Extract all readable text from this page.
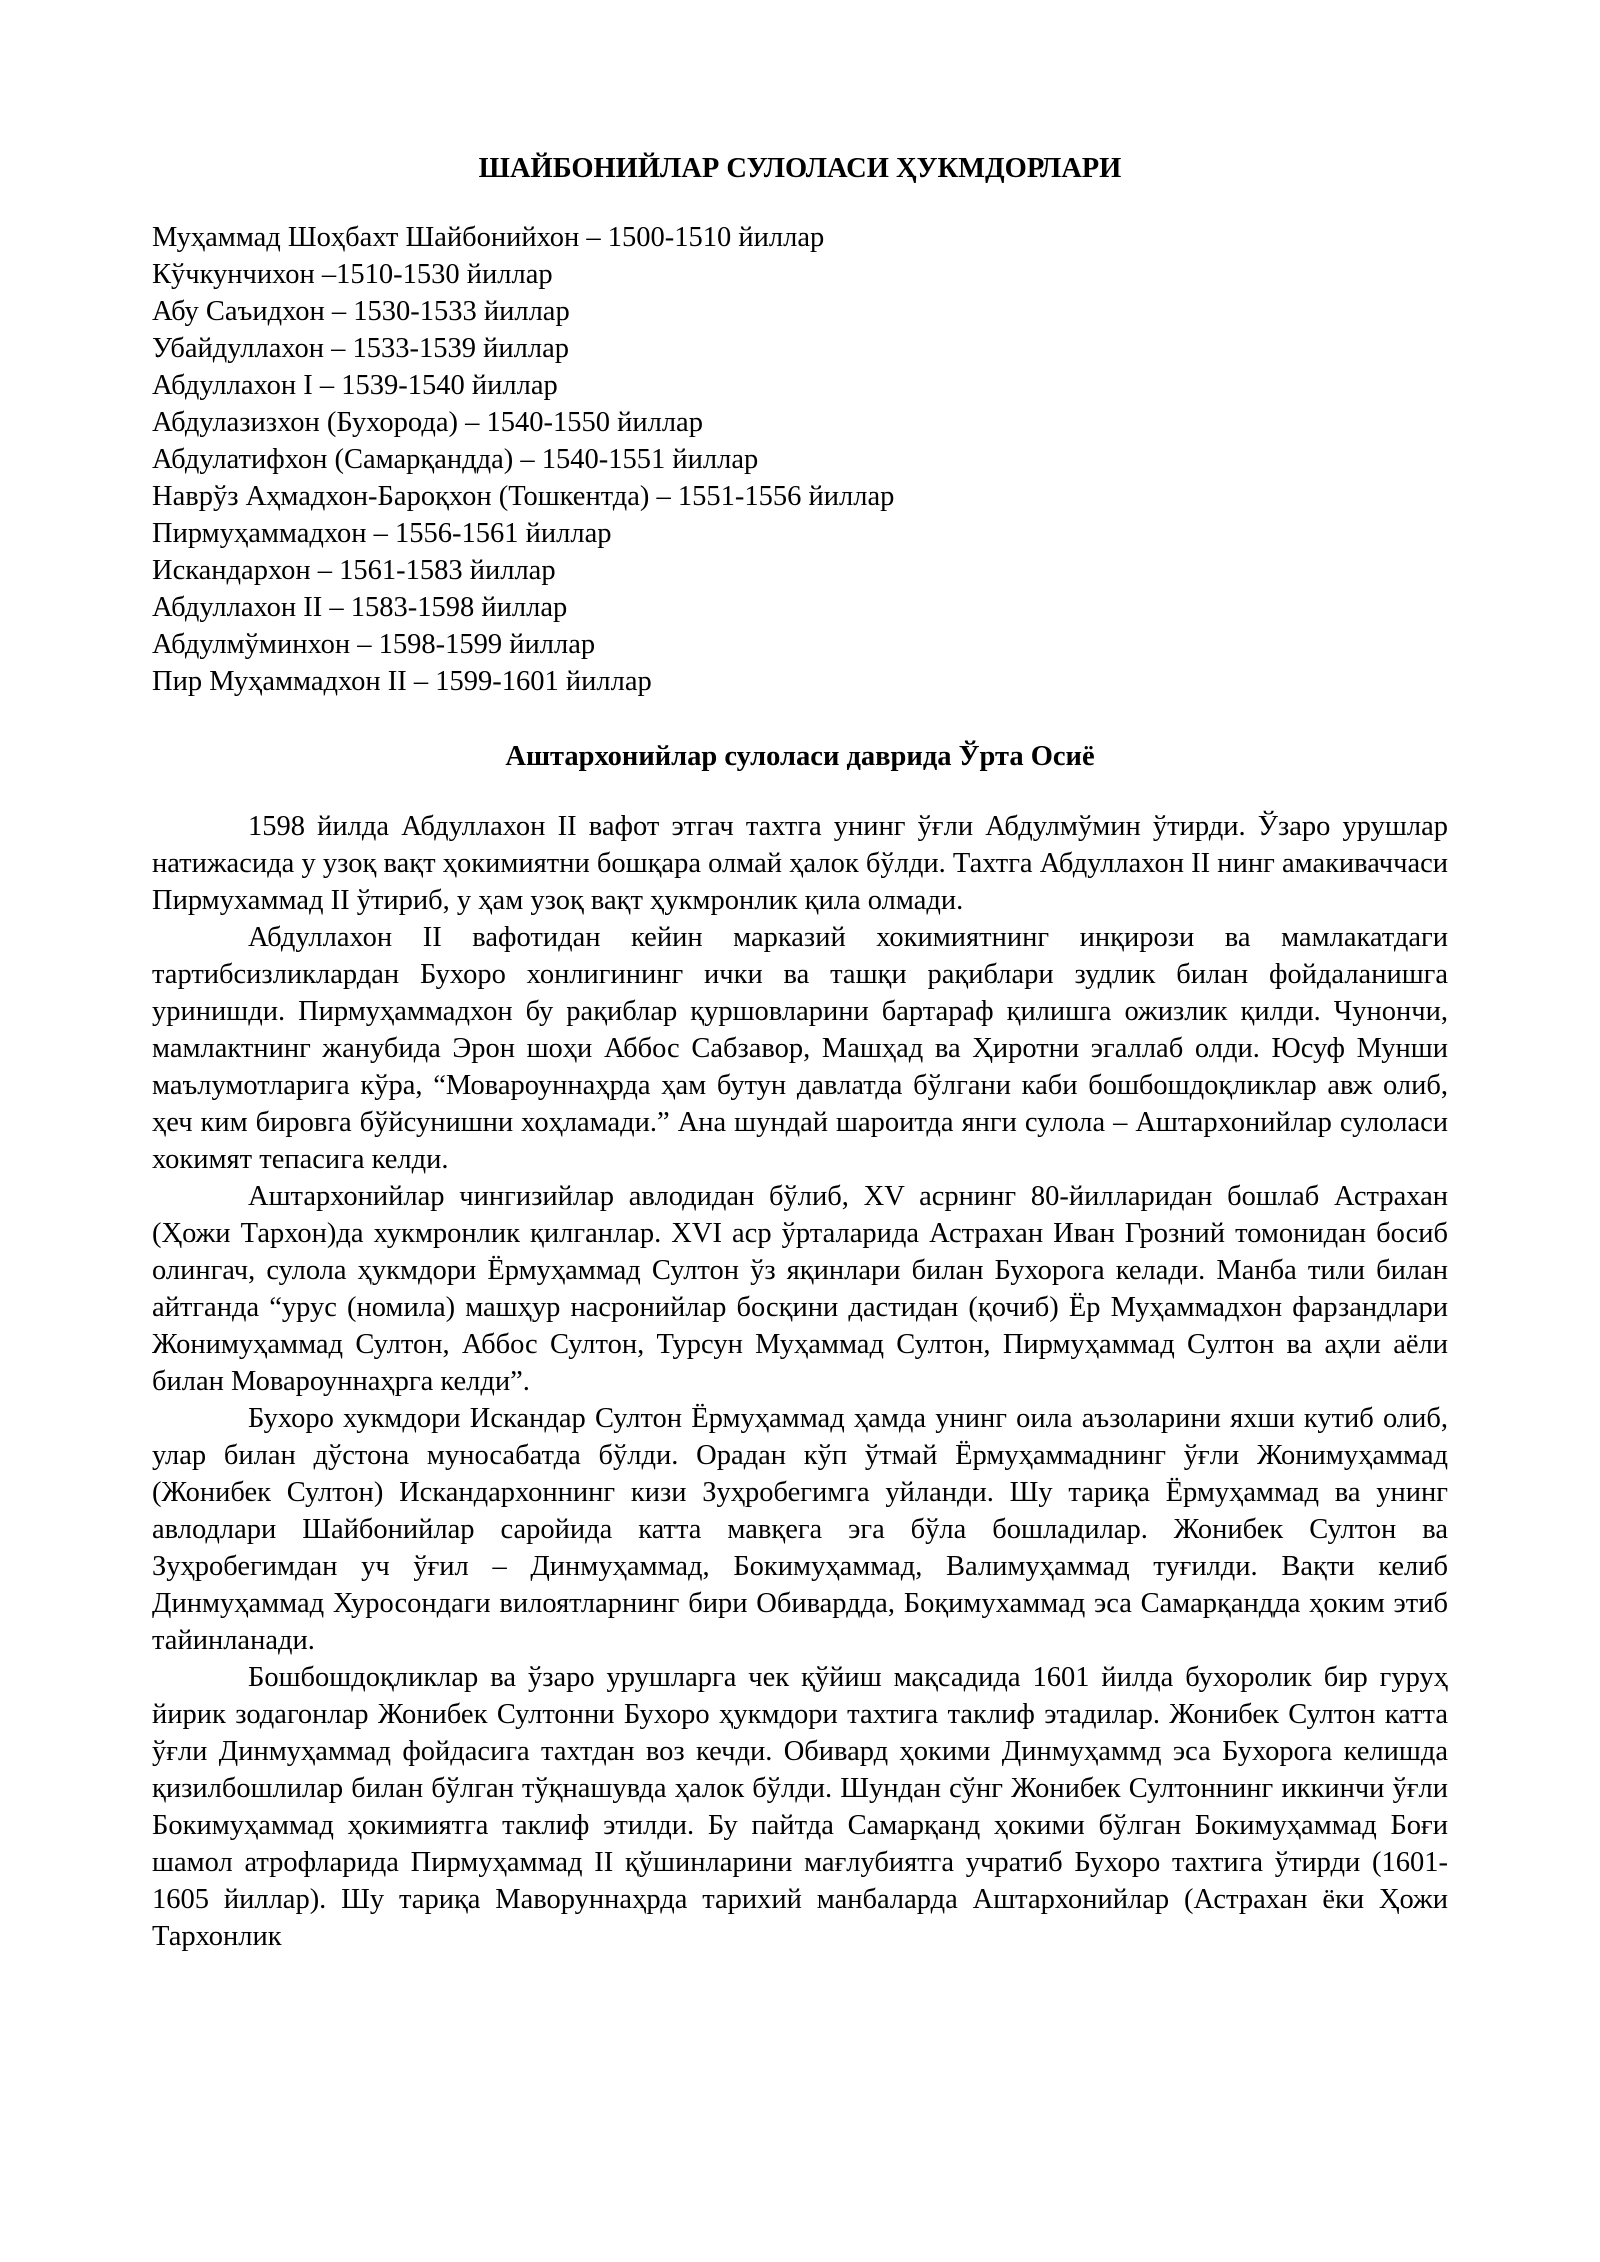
ШАЙБОНИЙЛАР СУЛОЛАСИ ҲУКМДОРЛАРИ
Муҳаммад Шоҳбахт Шайбонийхон – 1500-1510 йиллар
Кўчкунчихон –1510-1530 йиллар
Абу Саъидхон – 1530-1533 йиллар
Убайдуллахон – 1533-1539 йиллар
Абдуллахон I – 1539-1540 йиллар
Абдулазизхон (Бухорода) – 1540-1550 йиллар
Абдулатифхон (Самарқандда) – 1540-1551 йиллар
Наврўз Аҳмадхон-Бароқхон (Тошкентда) – 1551-1556 йиллар
Пирмуҳаммадхон – 1556-1561 йиллар
Искандархон – 1561-1583 йиллар
Абдуллахон II – 1583-1598 йиллар
Абдулмўминхон – 1598-1599 йиллар
Пир Муҳаммадхон II – 1599-1601 йиллар
Аштархонийлар сулоласи даврида Ўрта Осиё

1598 йилда Абдуллахон II вафот этгач тахтга унинг ўғли Абдулмўмин ўтирди. Ўзаро урушлар натижасида у узоқ вақт ҳокимиятни бошқара олмай ҳалок бўлди. Тахтга Абдуллахон II нинг амакиваччаси Пирмухаммад II ўтириб, у ҳам узоқ вақт ҳукмронлик қила олмади.

Абдуллахон II вафотидан кейин марказий хокимиятнинг инқирози ва мамлакатдаги тартибсизликлардан Бухоро хонлигининг ички ва ташқи рақиблари зудлик билан фойдаланишга уринишди. Пирмуҳаммадхон бу рақиблар қуршовларини бартараф қилишга ожизлик қилди. Чунончи, мамлактнинг жанубида Эрон шоҳи Аббос Сабзавор, Машҳад ва Ҳиротни эгаллаб олди. Юсуф Мунши маълумотларига кўра, “Мовароуннаҳрда ҳам бутун давлатда бўлгани каби бошбошдоқликлар авж олиб, ҳеч ким бировга бўйсунишни хоҳламади.” Ана шундай шароитда янги сулола – Аштархонийлар сулоласи хокимят тепасига келди.

Аштархонийлар чингизийлар авлодидан бўлиб, XV асрнинг 80-йилларидан бошлаб Астрахан (Ҳожи Тархон)да хукмронлик қилганлар. XVI аср ўрталарида Астрахан Иван Грозний томонидан босиб олингач, сулола ҳукмдори Ёрмуҳаммад Султон ўз яқинлари билан Бухорога келади. Манба тили билан айтганда “урус (номила) машҳур насронийлар босқини дастидан (қочиб) Ёр Муҳаммадхон фарзандлари Жонимуҳаммад Султон, Аббос Султон, Турсун Муҳаммад Султон, Пирмуҳаммад Султон ва аҳли аёли билан Мовароуннаҳрга келди”.

Бухоро хукмдори Искандар Султон Ёрмуҳаммад ҳамда унинг оила аъзоларини яхши кутиб олиб, улар билан дўстона муносабатда бўлди. Орадан кўп ўтмай Ёрмуҳаммаднинг ўғли Жонимуҳаммад (Жонибек Султон) Искандархоннинг кизи Зуҳробегимга уйланди. Шу тариқа Ёрмуҳаммад ва унинг авлодлари Шайбонийлар саройида катта мавқега эга бўла бошладилар. Жонибек Султон ва Зуҳробегимдан уч ўғил – Динмуҳаммад, Бокимуҳаммад, Валимуҳаммад туғилди. Вақти келиб Динмуҳаммад Хуросондаги вилоятларнинг бири Обивардда, Боқимухаммад эса Самарқандда ҳоким этиб тайинланади.

Бошбошдоқликлар ва ўзаро урушларга чек қўйиш мақсадида 1601 йилда бухоролик бир гуруҳ йирик зодагонлар Жонибек Султонни Бухоро ҳукмдори тахтига таклиф этадилар. Жонибек Султон катта ўғли Динмуҳаммад фойдасига тахтдан воз кечди. Обивард ҳокими Динмуҳаммд эса Бухорога келишда қизилбошлилар билан бўлган тўқнашувда ҳалок бўлди. Шундан сўнг Жонибек Султоннинг иккинчи ўғли Бокимуҳаммад ҳокимиятга таклиф этилди. Бу пайтда Самарқанд ҳокими бўлган Бокимуҳаммад Боғи шамол атрофларида Пирмуҳаммад II қўшинларини мағлубиятга учратиб Бухоро тахтига ўтирди (1601-1605 йиллар). Шу тариқа Маворуннаҳрда тарихий манбаларда Аштархонийлар (Астрахан ёки Ҳожи Тархонлик
